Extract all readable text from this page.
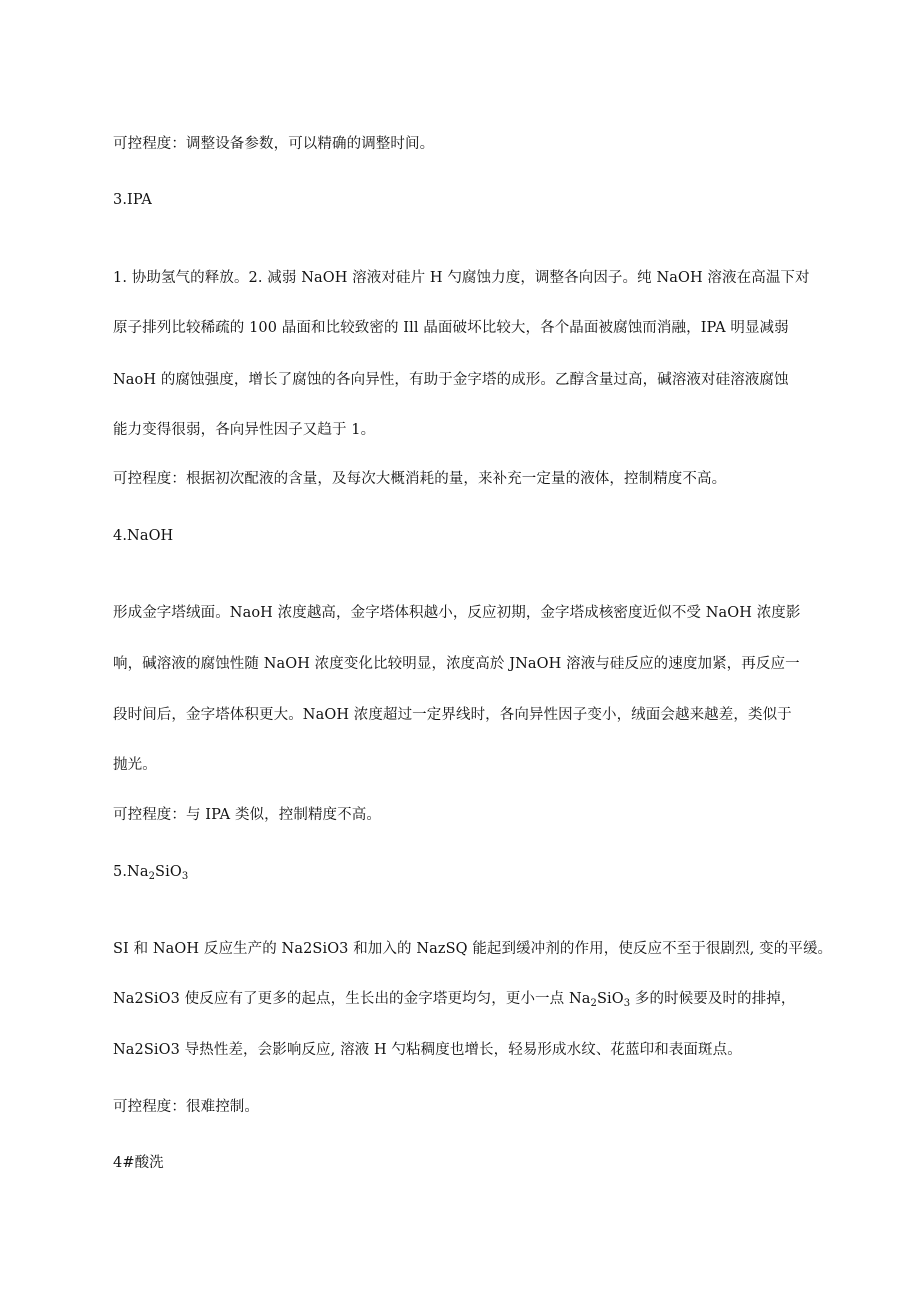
可控程度：调整设备参数，可以精确的调整时间。
3.IPA
1. 协助氢气的释放。2. 减弱 NaOH 溶液对硅片 H 勺腐蚀力度，调整各向因子。纯 NaOH 溶液在高温下对
原子排列比较稀疏的 100 晶面和比较致密的 Ill 晶面破坏比较大，各个晶面被腐蚀而消融，IPA 明显减弱
NaoH 的腐蚀强度，增长了腐蚀的各向异性，有助于金字塔的成形。乙醇含量过高，碱溶液对硅溶液腐蚀
能力变得很弱，各向异性因子又趋于 1。
可控程度：根据初次配液的含量，及每次大概消耗的量，来补充一定量的液体，控制精度不高。
4.NaOH
形成金字塔绒面。NaoH 浓度越高，金字塔体积越小，反应初期，金字塔成核密度近似不受 NaOH 浓度影
响，碱溶液的腐蚀性随 NaOH 浓度变化比较明显，浓度高於 JNaOH 溶液与硅反应的速度加紧，再反应一
段时间后，金字塔体积更大。NaOH 浓度超过一定界线时，各向异性因子变小，绒面会越来越差，类似于
抛光。
可控程度：与 IPA 类似，控制精度不高。
$5.Na_2SiO_3$
SI 和 NaOH 反应生产的 Na2SiO3 和加入的 NazSQ 能起到缓冲剂的作用，使反应不至于很剧烈, 变的平缓。
Na2SiO3 使反应有了更多的起点，生长出的金字塔更均匀，更小一点 $Na_2SiO_3$ 多的时候要及时的排掉，
Na2SiO3 导热性差，会影响反应, 溶液 H 勺粘稠度也增长，轻易形成水纹、花蓝印和表面斑点。
可控程度：很难控制。
4#酸洗
